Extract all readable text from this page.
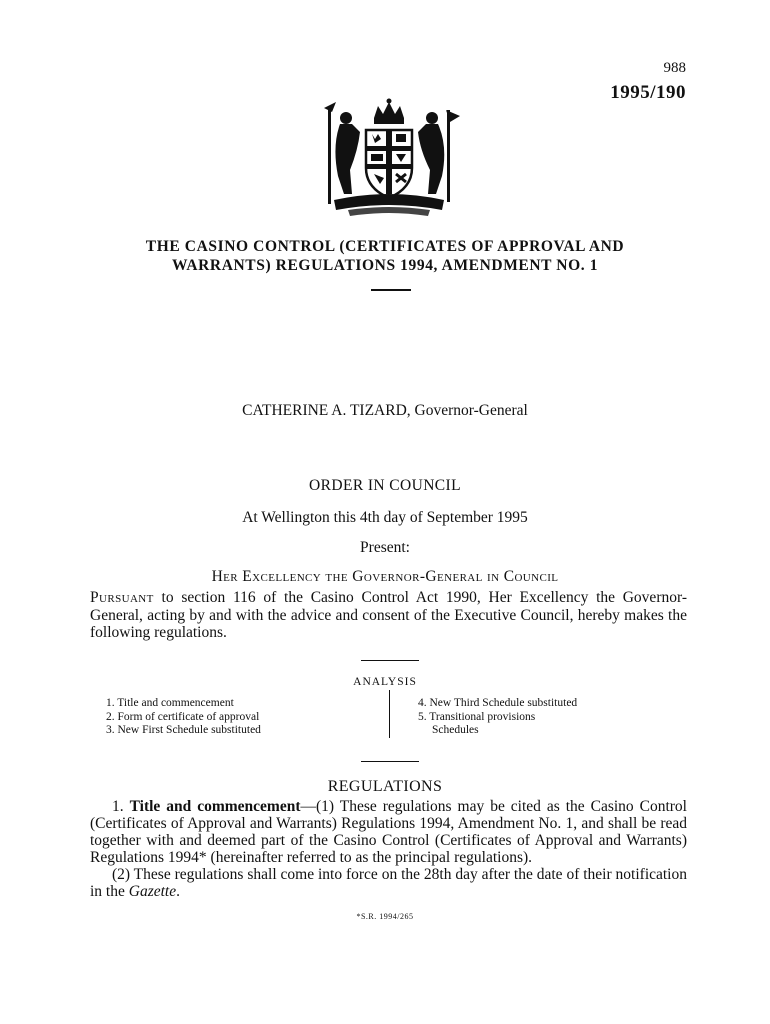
988
1995/190
THE CASINO CONTROL (CERTIFICATES OF APPROVAL AND
WARRANTS) REGULATIONS 1994, AMENDMENT NO. 1
CATHERINE A. TIZARD, Governor-General
ORDER IN COUNCIL
At Wellington this 4th day of September 1995
Present:
Her Excellency the Governor-General in Council
Pursuant to section 116 of the Casino Control Act 1990, Her Excellency the Governor-General, acting by and with the advice and consent of the Executive Council, hereby makes the following regulations.
ANALYSIS
1. Title and commencement
2. Form of certificate of approval
3. New First Schedule substituted
4. New Third Schedule substituted
5. Transitional provisions
Schedules
REGULATIONS

1. Title and commencement—(1) These regulations may be cited as the Casino Control (Certificates of Approval and Warrants) Regulations 1994, Amendment No. 1, and shall be read together with and deemed part of the Casino Control (Certificates of Approval and Warrants) Regulations 1994* (hereinafter referred to as the principal regulations).

(2) These regulations shall come into force on the 28th day after the date of their notification in the Gazette.

*S.R. 1994/265
